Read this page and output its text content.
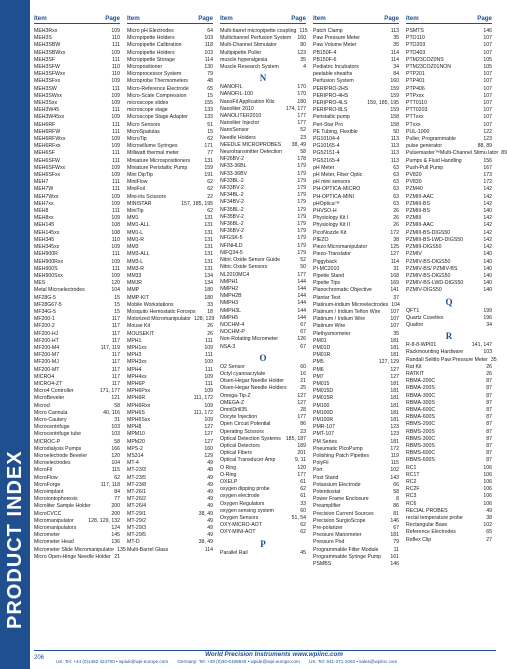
PRODUCT INDEX
Item	Page
MEH3Rxx	109
MEH3S	110
MEH3SBW	111
MEH3SBWxx	109
MEH3SF	111
MEH3SFW	110
MEH3SFWxx	110
MEH3SFxx	109
MEH3SW	111
MEH3SWxx	109
MEH3Sxx	109
MEH3W45	111
MEH3W45xx	109
MEH6RF	111
MEH6RFW	111
MEH6RFWxx	109
MEH6RFxx	109
MEH6SF	111
MEH6SFW	111
MEH6SFWxx	109
MEH6SFxx	109
MEH7	111
MEH7W	111
MEH7Wxx	109
MEH7xx	109
MEH8	111
MEH8xx	109
MEH145	108
MEH145xx	108
MEH345	110
MEH345xx	109
MEH900R	111
MEH900Rxx	109
MEH900S	111
MEH900Sxx	109
MES	120
Metal Microelectrodes	104
MF28G-5	15
MF28G67-5	15
MF34G-5	15
MF200-1	117
MF200-2	117
MF200-HJ	117
MF200-HT	117
MF200-M4	117, 119
MF200-M7	117
MF200-MJ	117
MF200-MT	117
MICRO4	117
MICRO4-ZT	117
Micro4 Controller	171, 177
MicroBeveler	121
Microcl	58
Micro Cannula	40, 116
Micro-Cautery	31
Microcentrifuge	103
Microcentrifuge tube	103
MICROC-P	58
Microdialysis Pumps	166
Microelectrode Beveler	120
Microelectrodes	104
MicroFil	115
MicroFlow	62
MicroForge	117, 118
Microimplant	84
Microiontophoresis	77
Microliter Sample Holder	200
MicroCVCC	200
Micromanipulator	128, 129, 132
Micromanipulators	124
Micrometer	145
Micrometer Head	136
Micrometer Slide Micromanipulator 135
Micro Open-Hinge Needle Holder 21
Item	Page
Micro pH Electrodes	64
Micropipette Holders	103
Micropipette Calibration	118
Micropipette Holders	103
Micropipette Storage	114
Micropositioner	130
Microprocessor System	79
Microprobe Thermometers	48
Micro-Reference Electrode	65
Micro-Scale Compression	15
microscope slides	155
microscope stage	133
Microscope Stage Adapter	133
Micro Sensors	51
MicroSpatulas	15
MicroTip	62
Microvillume Syringes	171
Milliwatt thermal meter	77
Miniature Microspositioners	131
Miniature Peristaltic Pump	159
Mini DipTip	191
MiniFlow	62
MiniFoil	62
Mini-iris Scissors	22
MINISTAR	157, 185, 195
MiniTip	62
MM1	131
MM1-ALL	131
MM1-L	131
MM1-R	131
MM3	131
MM3-ALL	131
MM3-L	131
MM3-R	131
MM33	134
MMJR	134
MMP	180
MMP-KIT	180
Mobile Workstations	33
Mosquito Hemostatic Forceps	18
Motorized Micromanipulator 128, 129
Mouse Kit	26
MOUSEKIT	26
MPH1	111
MPH1xx	109
MPH3	111
MPH3xx	109
MPH4	111
MPH4xx	109
MPH6P	111
MPH6Pxx	109
MPH6R	111, 172
MPH6Rxx	109
MPH6S	111, 172
MPH6Sxx	109
MPH8	127
MPM10	127
MPM20	127
MPS-2	160
MS314	129
MT-4	49
MT-23/3	48
MT-23/5	49
MT-23/8	49
MT-26/1	49
MT-26/2	49
MT-26/4	49
MT-29/1	38, 49
MT-29/2	49
MT-29/3	49
MT-29/5	49
MT-D	38, 49
Multi-Barrel Glass	114
Item	Page
Multi-barrel micropipette coupling 115
Multichannel Perfusion System	160
Multi-Channel Stimulator	80
Multipipette Puller	123
muscle hyperalgesia	35
Muscle Research System	4
N
NANOFIL	170
NANOFIL-100	170
NanoFil Application Kits	180
Nanoliter 2010	174, 177
NANOLITER2010	177
Nanoliter Injector	177
NanoSensor	52
Needle Holders	23
NEEDLE MICROPROBES	38, 49
Neurotransmitter Detection	58
NF26BV-2	178
NF33-36BL	179
NF33-36BV	179
NF33BL-2	179
NF33BV-2	179
NF34BL-2	179
NF34BV-2	179
NF35BL-2	179
NF35BV-2	179
NF36BL-2	179
NF36BV-2	179
NFGSK-5	179
NFINHLD	179
NIFQ34-5	179
Nitric Oxide Sensor Guide	52
Nitric Oxide Sensors	50
NL2010MC4	177
NMPH1	144
NMPH2	144
NMPH2B	144
NMPH3	144
NMPH3L	144
NMPH5	144
NOCHM-4	67
NOCHM-P	67
Non-Rotating Micrometer	126
NSA-3	67
O
O2 Sensor	60
Octyl cyanoacrylate	16
Olsen-Hegar Needle Holder	21
Olsen-Hegar Needle Holders	25
Omega-Tip-Z	127
OMEGA-Z	127
OmniDrill35	28
Oocyte Injection	177
Open Circuit Potential	86
Operating Scissors	23
Optical Detection Systems 185, 187
Optical Detectors	189
Optical Fibers	201
Optical Transducer Amp	9, 11
O Ring	120
O-Ring	177
OXELP	61
oxygen dipping probe	62
oxygen electrode	61
Oxygen Regulators	33
oxygen sensing system	60
Oxygen Sensors	51, 54
OXY-MICRO-AOT	62
OXY-MINI-AOT	62
P
Parallel Rail	45
Item	Page
Patch Clamp	113
Paw Pressure Meter	35
Paw Volume Meter	35
PB150F-4	114
PB150F-6	114
Pediatric Incubators	34
peelable sheaths	84
Perfusion System	160
PERIPRO-2HS	159
PERIPRO-4HS	159
PERIPRO-4LS	159, 185, 195
PERIPRO-8LS	159
Peristaltic pump	158
Peri-Star Pro	158
PE Tubing, Flexible	50
PG10104-4	113
PG10165-4	113
PG52151-4	113
PG52165-4	113
pH Meter	63
pH Meter, Fiber Optic	63
pH mini sensors	63
PH-OPTICA-MICRO	63
PH-OPTICA-MINI	63
pHOptica™	63
PHVSO-H	26
Physiology Kit I	26
Physiology Kit II	26
PicoNozzle Kit	172
PIEZO	38
Piezo Micromanipulator	125
Piezo-Translator	127
Piggyback	114
PI-MC2010	31
Pipette Stand	168
Pipette Tips	169
Planochromatic Objective	141
Plantar Test	37
Platinum-iridium Microelectrodes 104
Platinum / Iridium Teflon Wire	107
Platinum / Iridium Wire	107
Platinum Wire	107
Plethysmometer	35
PM01	181
PM01D	181
PM01R	181
PM5	127, 129
PM6	127
PM7	127
PM015	181
PM015D	181
PM015R	181
PM100	181
PM100D	181
PM100R	181
PMR-107	123
PMT-107	123
PM Series	181
Pneumatic PicoPump	172
Polishing Patch Pipettes	119
PolyFil	115
Port	102
Post Stand	143
Potassium Electrode	66
Potentiostat	58
Power Frame Enclosure	8
Preamplifier	86
Precision Current Sources	81
Precision SurgioScope	146
Pre-polarizer	67
Pressure Manometer	181
Pressure Pod	79
Programmable Filter Module	11
Programmable Syringe Pump	161
PSMBS	146
Item	Page
PSMTS	146
PTO110	107
PTO203	107
PTO403	107
PTM23COZ0NS	105
PTM23COZ01NON	105
PTP201	107
PTP401	107
PTP406	107
PTPxxx	107
PTT0110	107
PTT0203	107
PTTxxx	107
PTxxx	107
PUL-1000	122
Puller, Programmable	123
pulse generator	88, 89
Pulsemaster™Multi-Channel Stimu lator 89
Pumps & Fluid Handling	156
Push-Pull Pump	167
PV820	173
PV830	172
PZM40	142
PZMIII-AAC	142
PZMIII-BS	142
PZMIII-BS	140
PZMIII	142
PZMIII-AAC	142
PZMIII-BS-DIGS50	142
PZMIII-BS-LWD-DIGS50	142
PZMIII-DIGS50	142
PZMIV	140
PZMIV-BS-DIGS50	140
PZMIV-BS/ PZMIV-BS	140
PZMIV-BS-DIGS50	140
PZMIV-BS-LWD-DIGS50	140
PZMIV-DIGS50	140
Q
QFT1	199
Quartz Cuvettes	196
Quattro	34
R
R-8-8-WPI01	141, 147
Rackmounting Hardware	103
Randall Selitto Paw Pressure Meter 35
Rat Kit	26
RATKIT	26
RBMA-200C	87
RBMA-200S	87
RBMA-300C	87
RBMA-300S	87
RBMA-600C	87
RBMA-600S	87
RBMS-200C	87
RBMS-200S	87
RBMS-300C	87
RBMS-300S	87
RBMS-600C	87
RBMS-600S	87
RC1	106
RC1T	106
RC2	106
RC2F	106
RC3	106
RC6	106
RECIAL PROBES	49
rectal temperature probe	38
Rectangular Base	102
Reference Electrodes	65
Reflex Clip	27
206	World Precision Instruments www.wpiinc.com
UK: Tel: +44 (0)1462 424700 • wpiuk@wpi-europe.com Germany: Tel: +49 (0)30-6188845 • wpide@wpi-europe.com US: Tel: 941-371-1003 • sales@wpiinc.com
